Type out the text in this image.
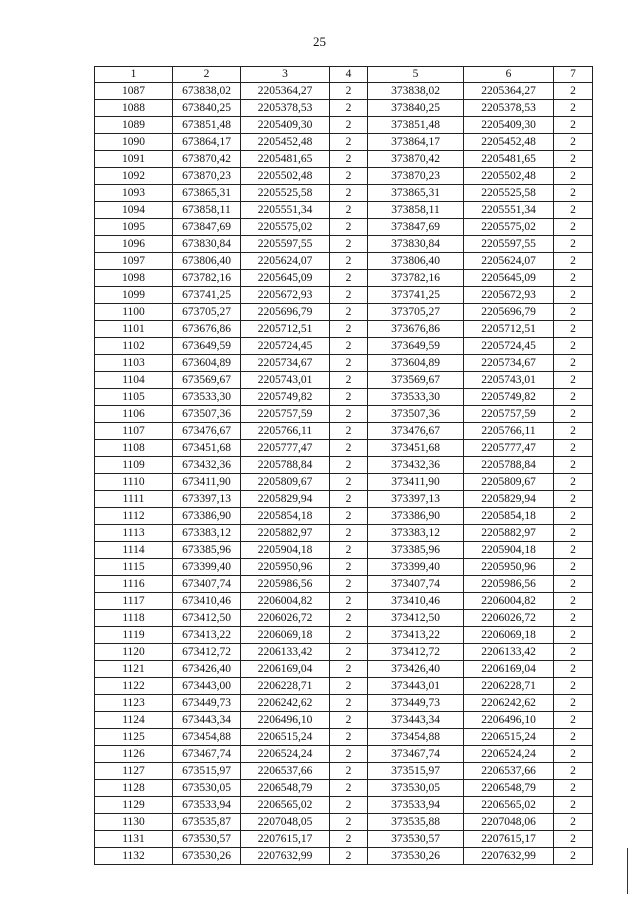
25
1	2	3	4	5	6	7
1087	673838,02	2205364,27	2	373838,02	2205364,27	2
1088	673840,25	2205378,53	2	373840,25	2205378,53	2
1089	673851,48	2205409,30	2	373851,48	2205409,30	2
1090	673864,17	2205452,48	2	373864,17	2205452,48	2
1091	673870,42	2205481,65	2	373870,42	2205481,65	2
1092	673870,23	2205502,48	2	373870,23	2205502,48	2
1093	673865,31	2205525,58	2	373865,31	2205525,58	2
1094	673858,11	2205551,34	2	373858,11	2205551,34	2
1095	673847,69	2205575,02	2	373847,69	2205575,02	2
1096	673830,84	2205597,55	2	373830,84	2205597,55	2
1097	673806,40	2205624,07	2	373806,40	2205624,07	2
1098	673782,16	2205645,09	2	373782,16	2205645,09	2
1099	673741,25	2205672,93	2	373741,25	2205672,93	2
1100	673705,27	2205696,79	2	373705,27	2205696,79	2
1101	673676,86	2205712,51	2	373676,86	2205712,51	2
1102	673649,59	2205724,45	2	373649,59	2205724,45	2
1103	673604,89	2205734,67	2	373604,89	2205734,67	2
1104	673569,67	2205743,01	2	373569,67	2205743,01	2
1105	673533,30	2205749,82	2	373533,30	2205749,82	2
1106	673507,36	2205757,59	2	373507,36	2205757,59	2
1107	673476,67	2205766,11	2	373476,67	2205766,11	2
1108	673451,68	2205777,47	2	373451,68	2205777,47	2
1109	673432,36	2205788,84	2	373432,36	2205788,84	2
1110	673411,90	2205809,67	2	373411,90	2205809,67	2
1111	673397,13	2205829,94	2	373397,13	2205829,94	2
1112	673386,90	2205854,18	2	373386,90	2205854,18	2
1113	673383,12	2205882,97	2	373383,12	2205882,97	2
1114	673385,96	2205904,18	2	373385,96	2205904,18	2
1115	673399,40	2205950,96	2	373399,40	2205950,96	2
1116	673407,74	2205986,56	2	373407,74	2205986,56	2
1117	673410,46	2206004,82	2	373410,46	2206004,82	2
1118	673412,50	2206026,72	2	373412,50	2206026,72	2
1119	673413,22	2206069,18	2	373413,22	2206069,18	2
1120	673412,72	2206133,42	2	373412,72	2206133,42	2
1121	673426,40	2206169,04	2	373426,40	2206169,04	2
1122	673443,00	2206228,71	2	373443,01	2206228,71	2
1123	673449,73	2206242,62	2	373449,73	2206242,62	2
1124	673443,34	2206496,10	2	373443,34	2206496,10	2
1125	673454,88	2206515,24	2	373454,88	2206515,24	2
1126	673467,74	2206524,24	2	373467,74	2206524,24	2
1127	673515,97	2206537,66	2	373515,97	2206537,66	2
1128	673530,05	2206548,79	2	373530,05	2206548,79	2
1129	673533,94	2206565,02	2	373533,94	2206565,02	2
1130	673535,87	2207048,05	2	373535,88	2207048,06	2
1131	673530,57	2207615,17	2	373530,57	2207615,17	2
1132	673530,26	2207632,99	2	373530,26	2207632,99	2
